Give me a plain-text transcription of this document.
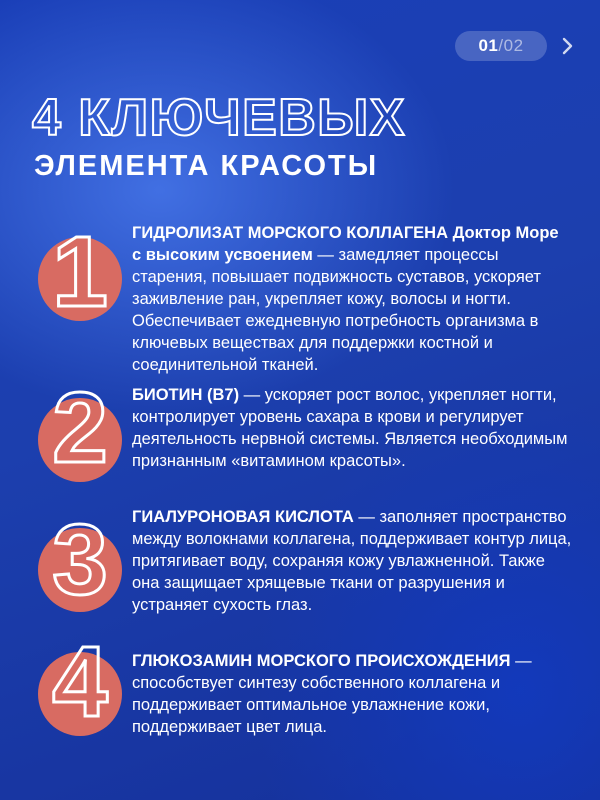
01 / 02
4 КЛЮЧЕВЫХ
ЭЛЕМЕНТА КРАСОТЫ
1	ГИДРОЛИЗАТ МОРСКОГО КОЛЛАГЕНА Доктор Море с высоким усвоением — замедляет процессы старения, повышает подвижность суставов, ускоряет заживление ран, укрепляет кожу, волосы и ногти. Обеспечивает ежедневную потребность организма в ключевых веществах для поддержки костной и соединительной тканей.

2	БИОТИН (B7) — ускоряет рост волос, укрепляет ногти, контролирует уровень сахара в крови и регулирует деятельность нервной системы. Является необходимым признанным «витамином красоты».

3	ГИАЛУРОНОВАЯ КИСЛОТА — заполняет пространство между волокнами коллагена, поддерживает контур лица, притягивает воду, сохраняя кожу увлажненной. Также она защищает хрящевые ткани от разрушения и устраняет сухость глаз.

4	ГЛЮКОЗАМИН МОРСКОГО ПРОИСХОЖДЕНИЯ — способствует синтезу собственного коллагена и поддерживает оптимальное увлажнение кожи, поддерживает цвет лица.
